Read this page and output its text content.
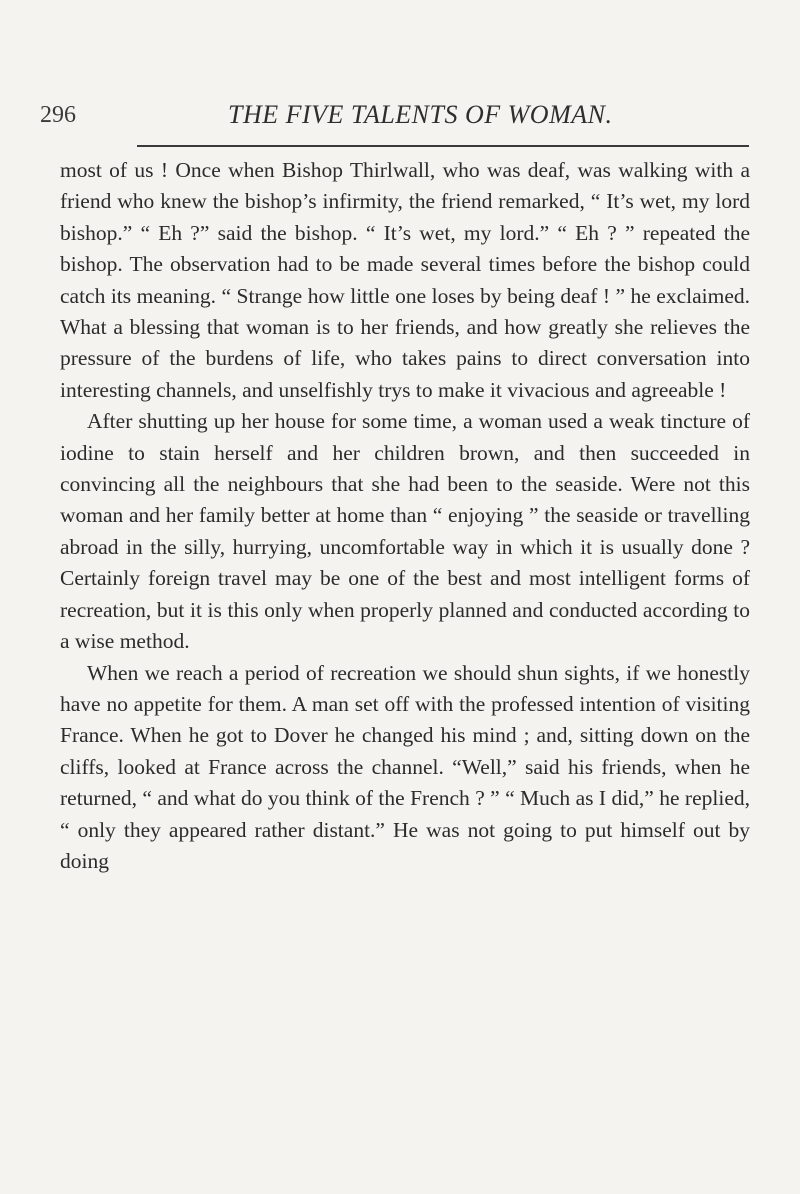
296	THE FIVE TALENTS OF WOMAN.

most of us ! Once when Bishop Thirlwall, who was deaf, was walking with a friend who knew the bishop’s infirmity, the friend remarked, “ It’s wet, my lord bishop.” “ Eh ?” said the bishop. “ It’s wet, my lord.” “ Eh ? ” repeated the bishop. The observation had to be made several times before the bishop could catch its meaning. “ Strange how little one loses by being deaf ! ” he exclaimed. What a blessing that woman is to her friends, and how greatly she relieves the pressure of the burdens of life, who takes pains to direct conversation into interesting channels, and unselfishly trys to make it vivacious and agreeable !

After shutting up her house for some time, a woman used a weak tincture of iodine to stain herself and her children brown, and then succeeded in convincing all the neighbours that she had been to the seaside. Were not this woman and her family better at home than “ enjoying ” the seaside or travelling abroad in the silly, hurrying, uncomfortable way in which it is usually done ? Certainly foreign travel may be one of the best and most intelligent forms of recreation, but it is this only when properly planned and conducted according to a wise method.

When we reach a period of recreation we should shun sights, if we honestly have no appetite for them. A man set off with the professed intention of visiting France. When he got to Dover he changed his mind ; and, sitting down on the cliffs, looked at France across the channel. “Well,” said his friends, when he returned, “ and what do you think of the French ? ” “ Much as I did,” he replied, “ only they appeared rather distant.” He was not going to put himself out by doing
